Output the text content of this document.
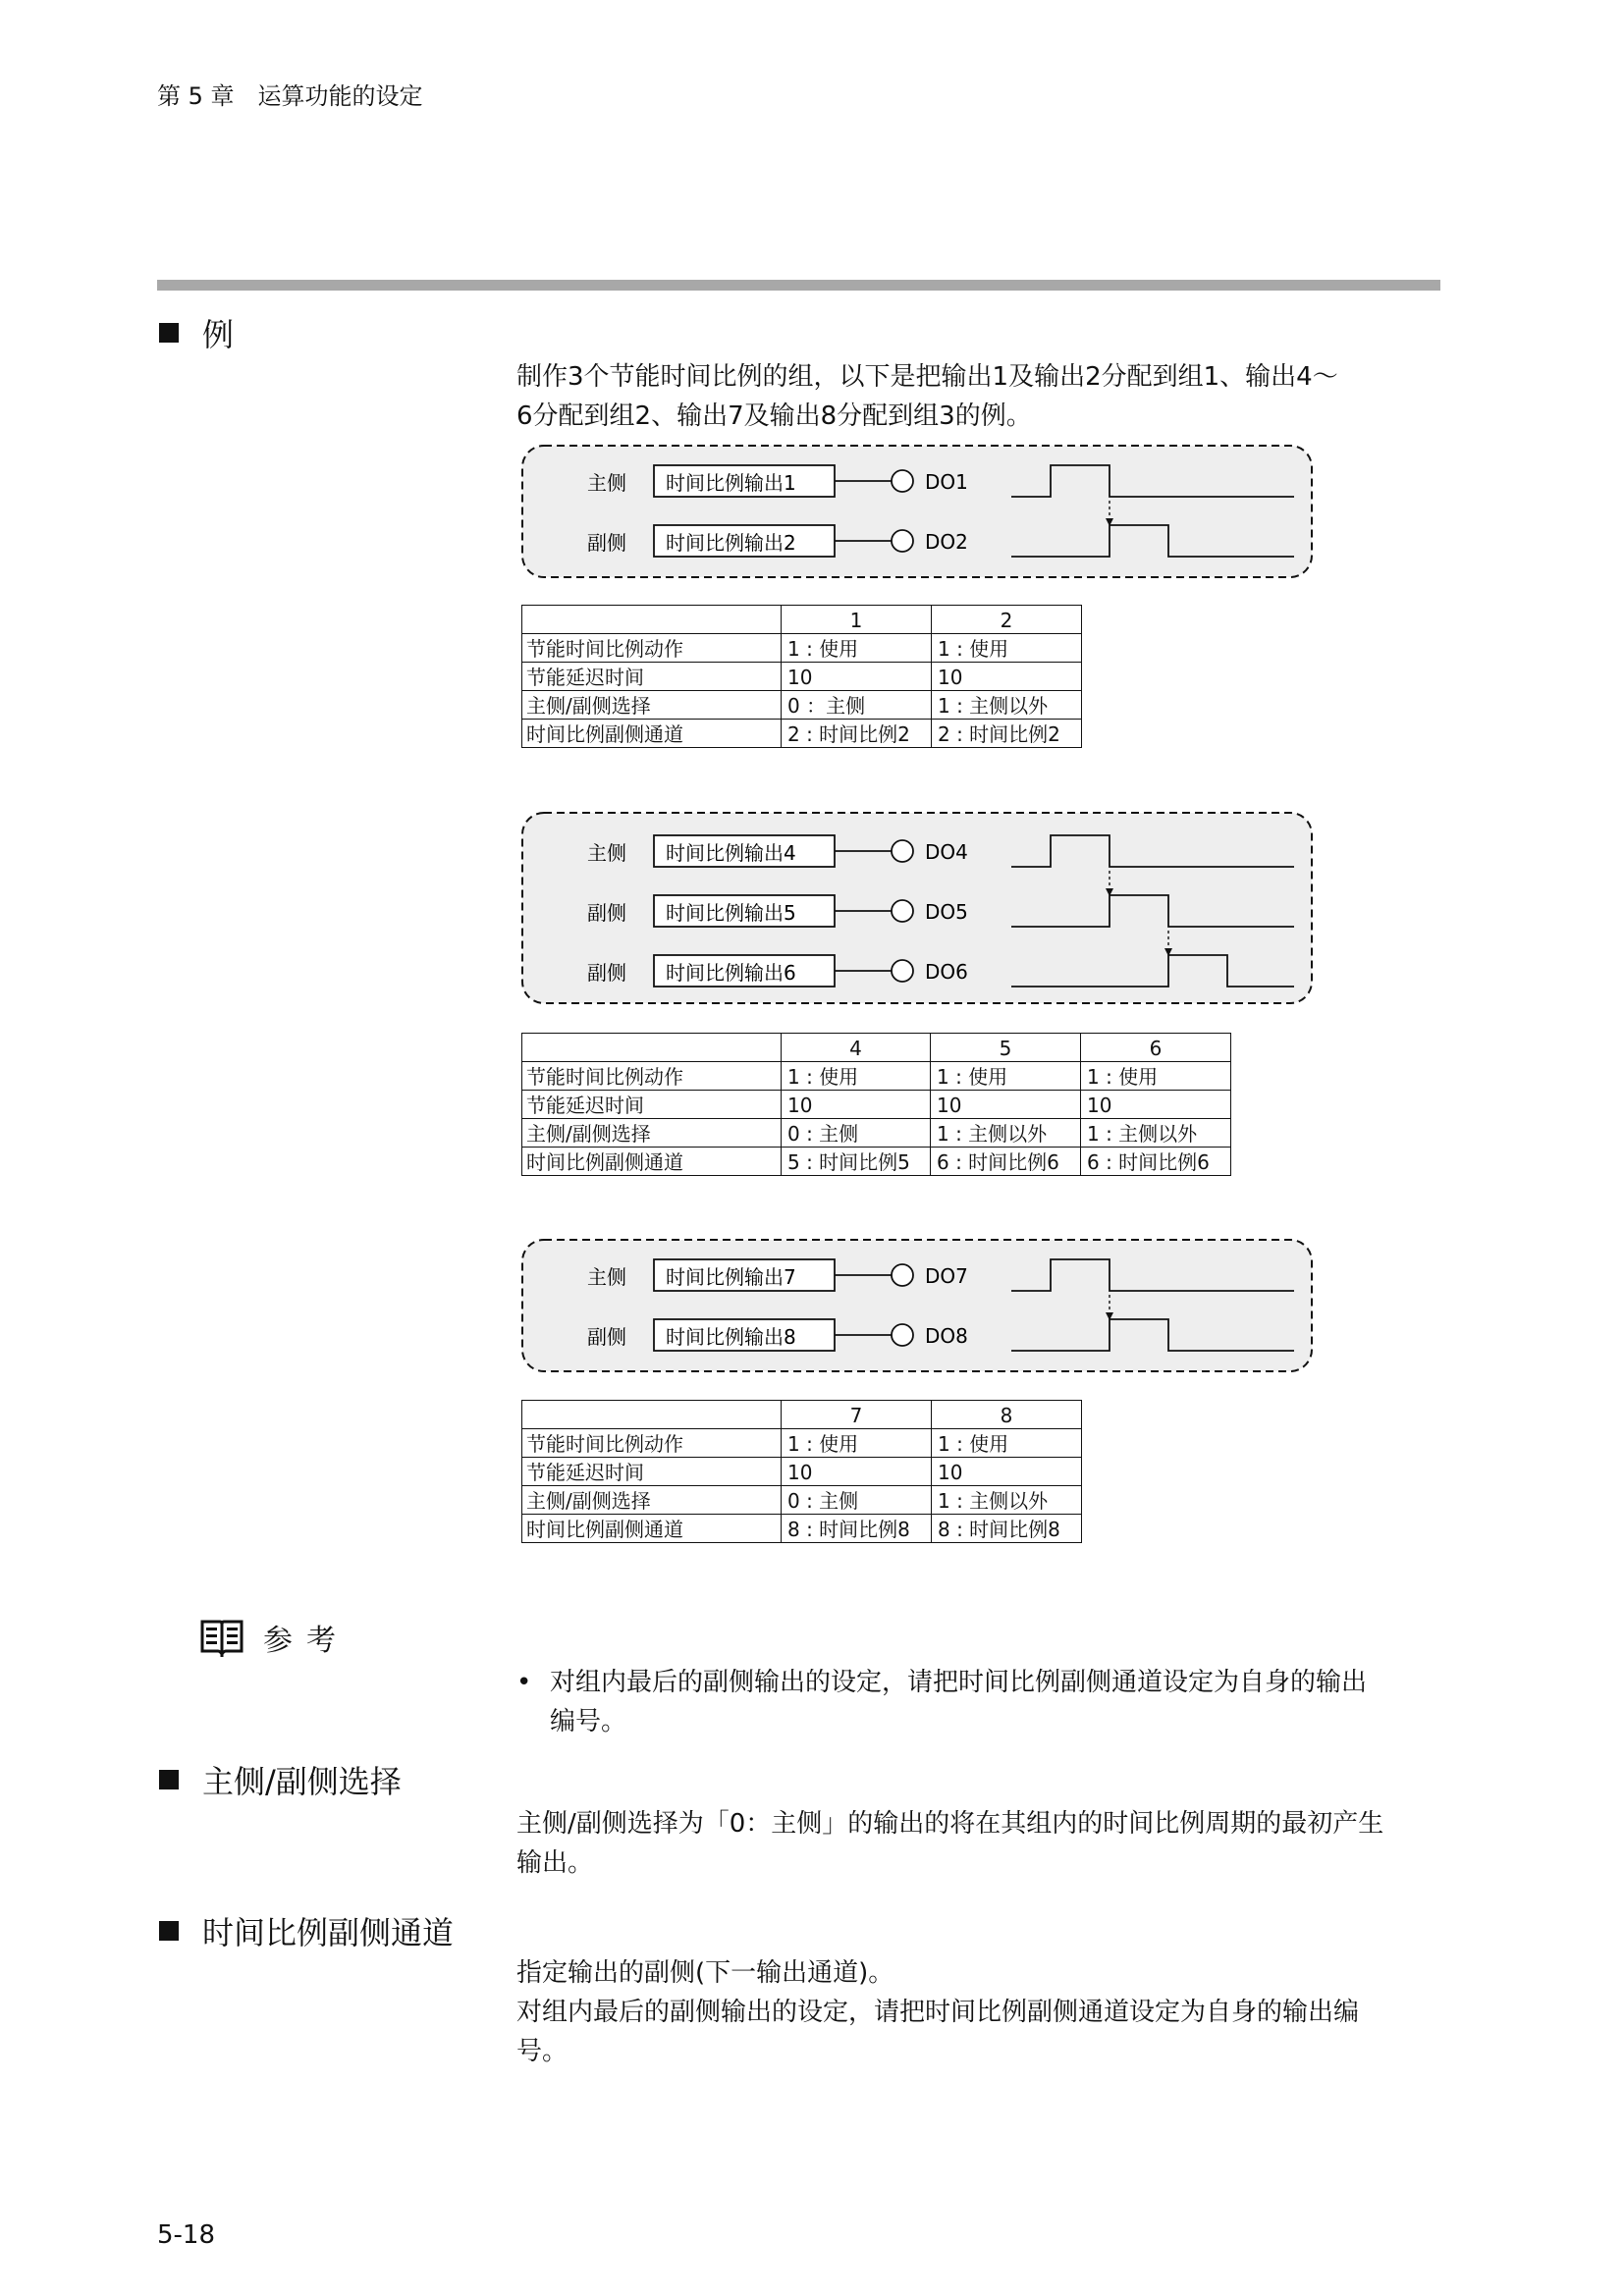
第 5 章　运算功能的设定
例
制作3个节能时间比例的组，以下是把输出1及输出2分配到组1、输出4～
6分配到组2、输出7及输出8分配到组3的例。
主侧 时间比例输出1	DO1
副侧 时间比例输出2	DO2
	1	2
节能时间比例动作	1 : 使用	1 : 使用
节能延迟时间	10	10
主侧/副侧选择	0 ：主侧	1 : 主侧以外
时间比例副侧通道	2 : 时间比例2	2 : 时间比例2
主侧 时间比例输出4	DO4
副侧 时间比例输出5	DO5
副侧 时间比例输出6	DO6
	4	5	6
节能时间比例动作	1 : 使用	1 : 使用	1 : 使用
节能延迟时间	10	10	10
主侧/副侧选择	0 : 主侧	1 : 主侧以外	1 : 主侧以外
时间比例副侧通道	5 : 时间比例5	6 : 时间比例6	6 : 时间比例6
主侧 时间比例输出7	DO7
副侧 时间比例输出8	DO8
	7	8
节能时间比例动作	1 : 使用	1 : 使用
节能延迟时间	10	10
主侧/副侧选择	0 : 主侧	1 : 主侧以外
时间比例副侧通道	8 : 时间比例8	8 : 时间比例8
参考
• 对组内最后的副侧输出的设定，请把时间比例副侧通道设定为自身的输出
编号。
主侧/副侧选择
主侧/副侧选择为「0：主侧」的输出的将在其组内的时间比例周期的最初产生
输出。
时间比例副侧通道
指定输出的副侧(下一输出通道)。
对组内最后的副侧输出的设定，请把时间比例副侧通道设定为自身的输出编
号。
5-18
